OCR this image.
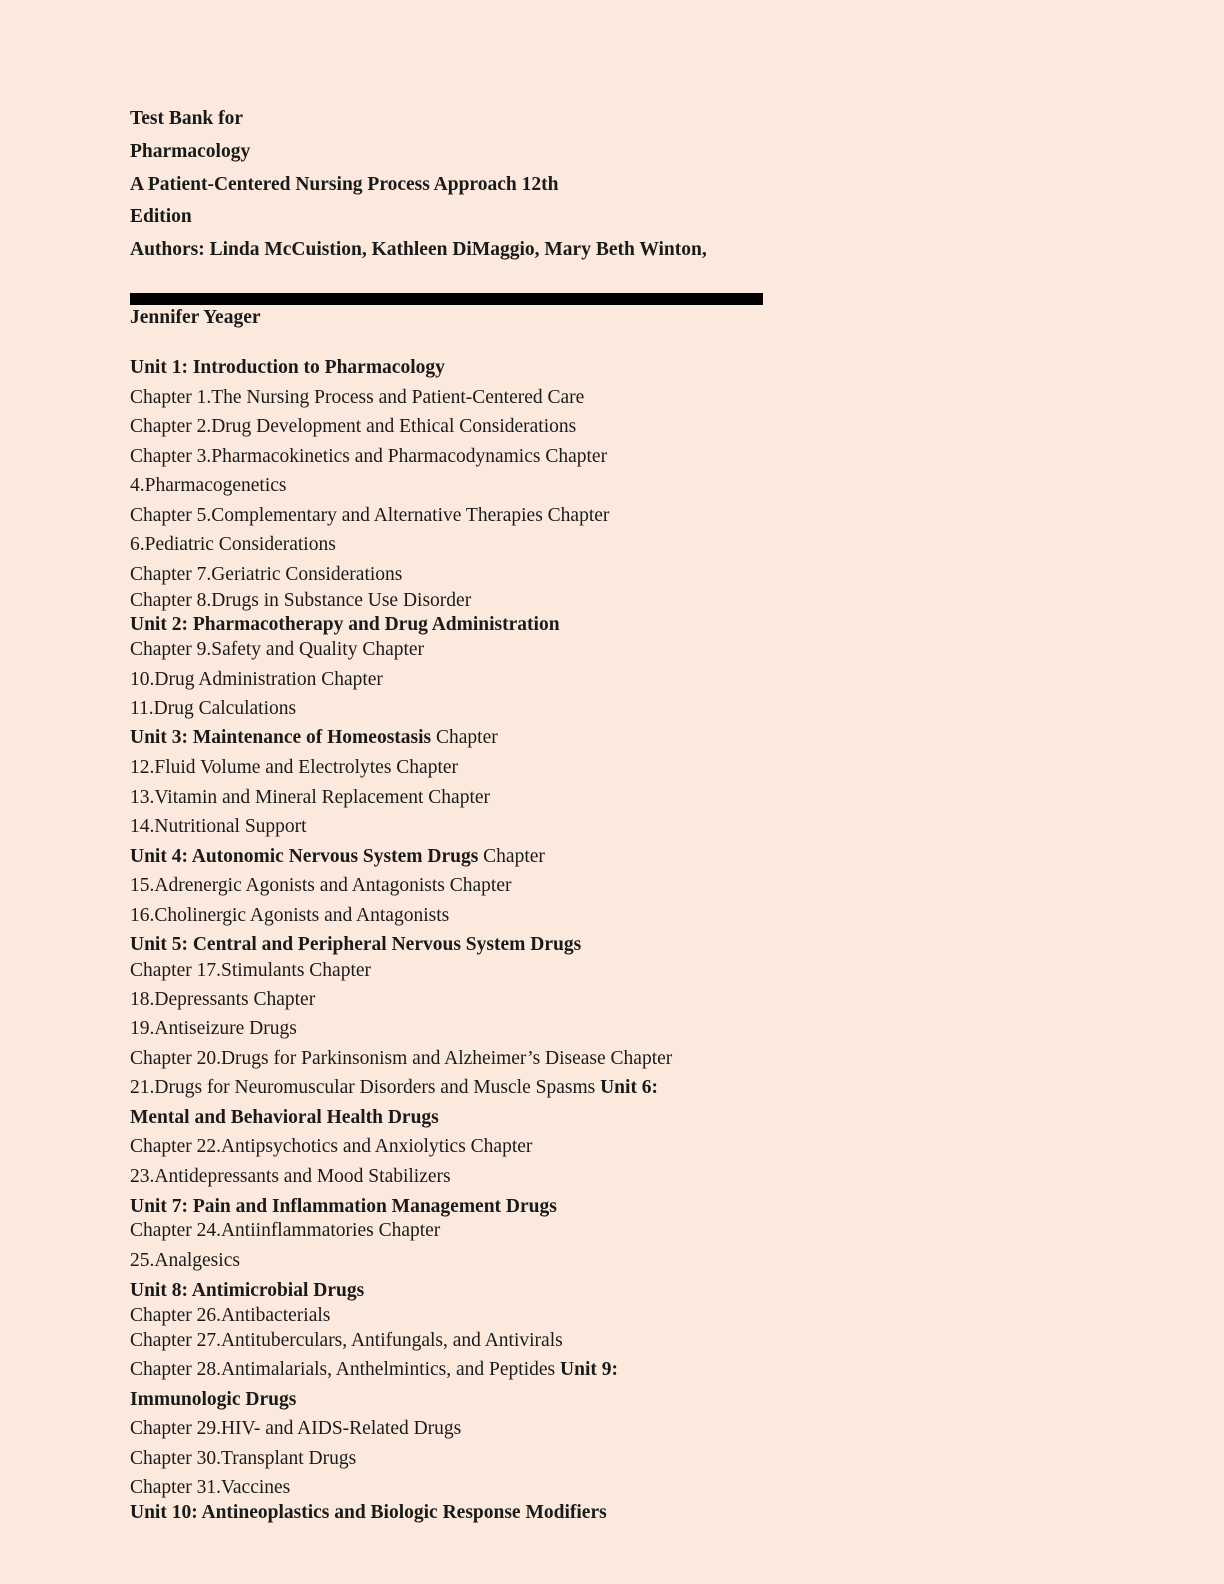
Test Bank for
Pharmacology
A Patient-Centered Nursing Process Approach 12th
Edition
Authors: Linda McCuistion, Kathleen DiMaggio, Mary Beth Winton,
Jennifer Yeager
Unit 1: Introduction to Pharmacology
Chapter 1.The Nursing Process and Patient-Centered Care
Chapter 2.Drug Development and Ethical Considerations
Chapter 3.Pharmacokinetics and Pharmacodynamics Chapter
4.Pharmacogenetics
Chapter 5.Complementary and Alternative Therapies Chapter
6.Pediatric Considerations
Chapter 7.Geriatric Considerations
Chapter 8.Drugs in Substance Use Disorder
Unit 2: Pharmacotherapy and Drug Administration
Chapter 9.Safety and Quality Chapter
10.Drug Administration Chapter
11.Drug Calculations
Unit 3: Maintenance of Homeostasis Chapter
12.Fluid Volume and Electrolytes Chapter
13.Vitamin and Mineral Replacement Chapter
14.Nutritional Support
Unit 4: Autonomic Nervous System Drugs Chapter
15.Adrenergic Agonists and Antagonists Chapter
16.Cholinergic Agonists and Antagonists
Unit 5: Central and Peripheral Nervous System Drugs
Chapter 17.Stimulants Chapter
18.Depressants Chapter
19.Antiseizure Drugs
Chapter 20.Drugs for Parkinsonism and Alzheimer’s Disease Chapter
21.Drugs for Neuromuscular Disorders and Muscle Spasms Unit 6:
Mental and Behavioral Health Drugs
Chapter 22.Antipsychotics and Anxiolytics Chapter
23.Antidepressants and Mood Stabilizers
Unit 7: Pain and Inflammation Management Drugs
Chapter 24.Antiinflammatories Chapter
25.Analgesics
Unit 8: Antimicrobial Drugs
Chapter 26.Antibacterials
Chapter 27.Antituberculars, Antifungals, and Antivirals
Chapter 28.Antimalarials, Anthelmintics, and Peptides Unit 9:
Immunologic Drugs
Chapter 29.HIV- and AIDS-Related Drugs
Chapter 30.Transplant Drugs
Chapter 31.Vaccines
Unit 10: Antineoplastics and Biologic Response Modifiers
